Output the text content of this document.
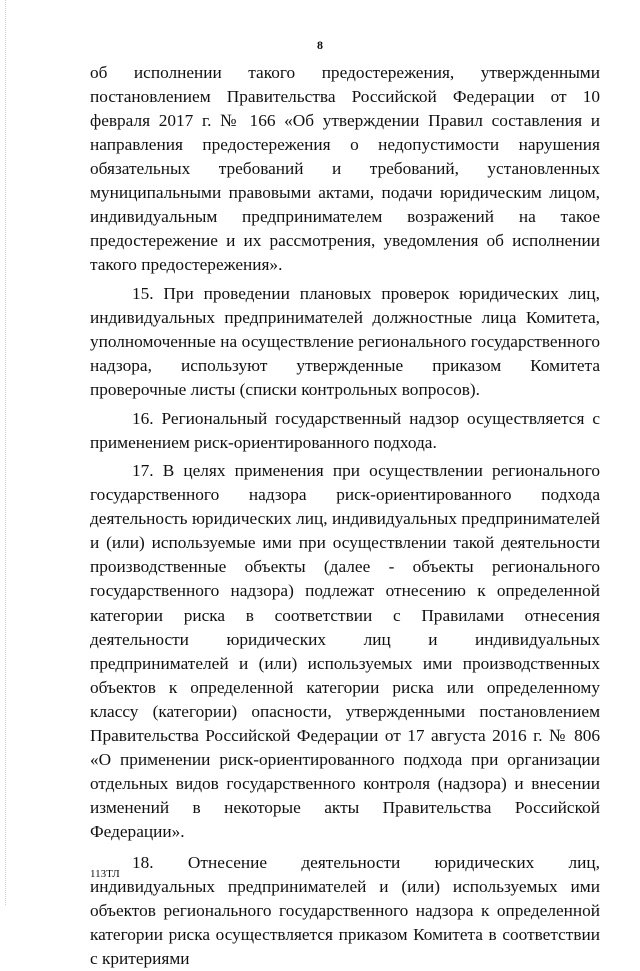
8

об исполнении такого предостережения, утвержденными постановлением Правительства Российской Федерации от 10 февраля 2017 г. № 166 «Об утверждении Правил составления и направления предостережения о недопустимости нарушения обязательных требований и требований, установленных муниципальными правовыми актами, подачи юридическим лицом, индивидуальным предпринимателем возражений на такое предостережение и их рассмотрения, уведомления об исполнении такого предостережения».

15. При проведении плановых проверок юридических лиц, индивидуальных предпринимателей должностные лица Комитета, уполномоченные на осуществление регионального государственного надзора, используют утвержденные приказом Комитета проверочные листы (списки контрольных вопросов).

16. Региональный государственный надзор осуществляется с применением риск-ориентированного подхода.

17. В целях применения при осуществлении регионального государственного надзора риск-ориентированного подхода деятельность юридических лиц, индивидуальных предпринимателей и (или) используемые ими при осуществлении такой деятельности производственные объекты (далее - объекты регионального государственного надзора) подлежат отнесению к определенной категории риска в соответствии с Правилами отнесения деятельности юридических лиц и индивидуальных предпринимателей и (или) используемых ими производственных объектов к определенной категории риска или определенному классу (категории) опасности, утвержденными постановлением Правительства Российской Федерации от 17 августа 2016 г. № 806 «О применении риск-ориентированного подхода при организации отдельных видов государственного контроля (надзора) и внесении изменений в некоторые акты Правительства Российской Федерации».

18. Отнесение деятельности юридических лиц, индивидуальных предпринимателей и (или) используемых ими объектов регионального государственного надзора к определенной категории риска осуществляется приказом Комитета в соответствии с критериями

113ТЛ
